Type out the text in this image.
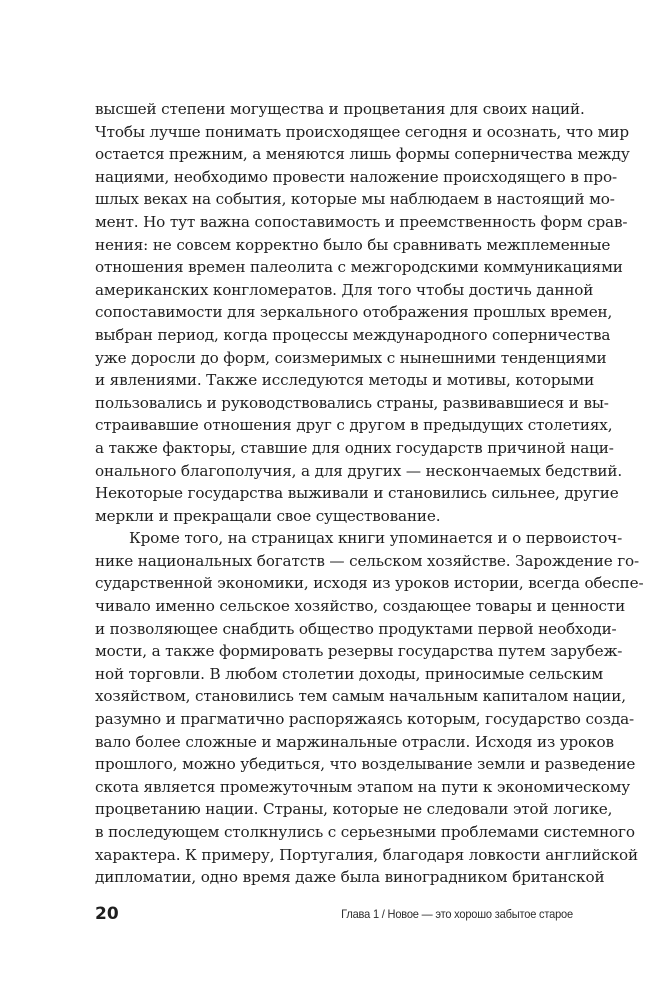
высшей степени могущества и процветания для своих наций.
Чтобы лучше понимать происходящее сегодня и осознать, что мир
остается прежним, а меняются лишь формы соперничества между
нациями, необходимо провести наложение происходящего в про-
шлых веках на события, которые мы наблюдаем в настоящий мо-
мент. Но тут важна сопоставимость и преемственность форм срав-
нения: не совсем корректно было бы сравнивать межплеменные
отношения времен палеолита с межгородскими коммуникациями
американских конгломератов. Для того чтобы достичь данной
сопоставимости для зеркального отображения прошлых времен,
выбран период, когда процессы международного соперничества
уже доросли до форм, соизмеримых с нынешними тенденциями
и явлениями. Также исследуются методы и мотивы, которыми
пользовались и руководствовались страны, развивавшиеся и вы-
страивавшие отношения друг с другом в предыдущих столетиях,
а также факторы, ставшие для одних государств причиной наци-
онального благополучия, а для других — нескончаемых бедствий.
Некоторые государства выживали и становились сильнее, другие
меркли и прекращали свое существование.
Кроме того, на страницах книги упоминается и о первоисточ-
нике национальных богатств — сельском хозяйстве. Зарождение го-
сударственной экономики, исходя из уроков истории, всегда обеспе-
чивало именно сельское хозяйство, создающее товары и ценности
и позволяющее снабдить общество продуктами первой необходи-
мости, а также формировать резервы государства путем зарубеж-
ной торговли. В любом столетии доходы, приносимые сельским
хозяйством, становились тем самым начальным капиталом нации,
разумно и прагматично распоряжаясь которым, государство созда-
вало более сложные и маржинальные отрасли. Исходя из уроков
прошлого, можно убедиться, что возделывание земли и разведение
скота является промежуточным этапом на пути к экономическому
процветанию нации. Страны, которые не следовали этой логике,
в последующем столкнулись с серьезными проблемами системного
характера. К примеру, Португалия, благодаря ловкости английской
дипломатии, одно время даже была виноградником британской
20	Глава 1 / Новое — это хорошо забытое старое
